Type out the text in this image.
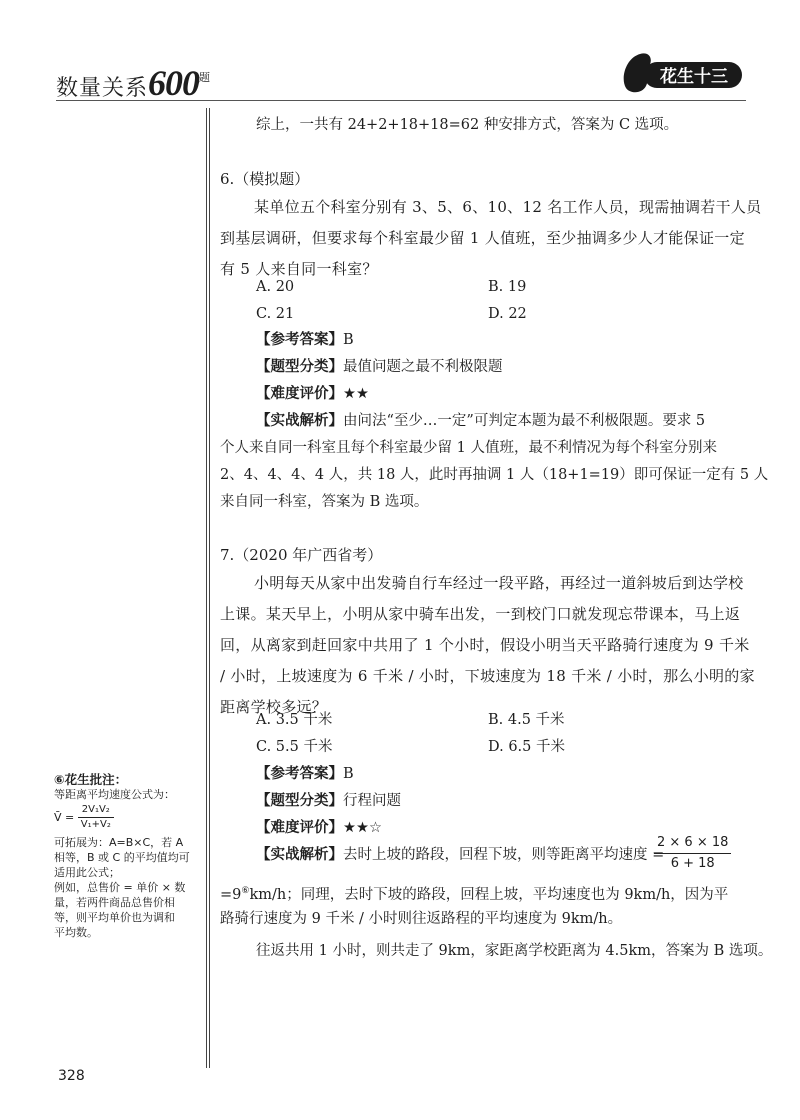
数量关系$600^题$	花生十三
综上，一共有 24+2+18+18=62 种安排方式，答案为 C 选项。
6.（模拟题）
某单位五个科室分别有 3、5、6、10、12 名工作人员，现需抽调若干人员
到基层调研，但要求每个科室最少留 1 人值班，至少抽调多少人才能保证一定
有 5 人来自同一科室？
A. 20	B. 19
C. 21	D. 22
【参考答案】B
【题型分类】最值问题之最不利极限题
【难度评价】★★
【实战解析】由问法“至少…一定”可判定本题为最不利极限题。要求 5
个人来自同一科室且每个科室最少留 1 人值班，最不利情况为每个科室分别来
2、4、4、4、4 人，共 18 人，此时再抽调 1 人（18+1=19）即可保证一定有 5 人
来自同一科室，答案为 B 选项。
7.（2020 年广西省考）
小明每天从家中出发骑自行车经过一段平路，再经过一道斜坡后到达学校
上课。某天早上，小明从家中骑车出发，一到校门口就发现忘带课本，马上返
回，从离家到赶回家中共用了 1 个小时，假设小明当天平路骑行速度为 9 千米
/ 小时，上坡速度为 6 千米 / 小时，下坡速度为 18 千米 / 小时，那么小明的家
距离学校多远？
A. 3.5 千米	B. 4.5 千米
C. 5.5 千米	D. 6.5 千米
【参考答案】B
【题型分类】行程问题
【难度评价】★★☆
【实战解析】去时上坡的路段，回程下坡，则等距离平均速度 =
$\frac{2 \times 6 \times 18}{6 + 18}$
=9⑥km/h；同理，去时下坡的路段，回程上坡，平均速度也为 9km/h，因为平
路骑行速度为 9 千米 / 小时则往返路程的平均速度为 9km/h。
往返共用 1 小时，则共走了 9km，家距离学校距离为 4.5km，答案为 B 选项。
⑥花生批注：
等距离平均速度公式为：
V̄ = $\frac{\text{2V₁V₂}}{\text{V₁+V₂}}$
可拓展为：A=B×C，若 A
相等，B 或 C 的平均值均可
适用此公式；
例如，总售价 = 单价 × 数
量，若两件商品总售价相
等，则平均单价也为调和
平均数。
328
